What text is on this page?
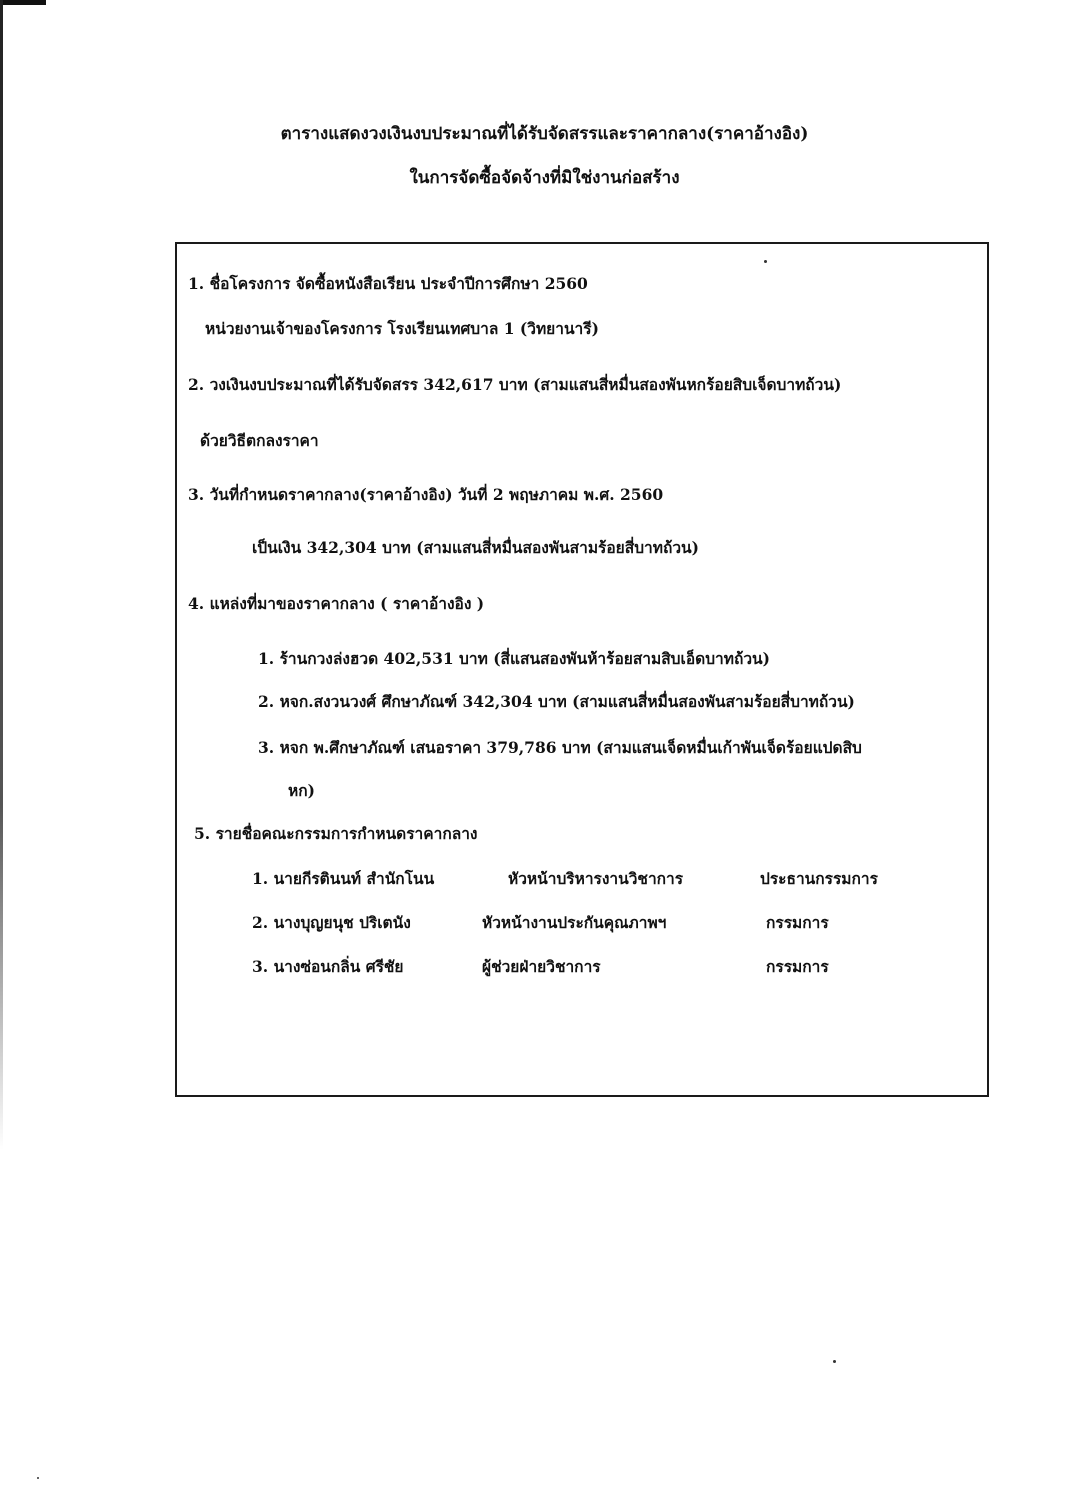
ตารางแสดงวงเงินงบประมาณที่ได้รับจัดสรรและราคากลาง(ราคาอ้างอิง)
ในการจัดซื้อจัดจ้างที่มิใช่งานก่อสร้าง
1. ชื่อโครงการ จัดซื้อหนังสือเรียน ประจำปีการศึกษา 2560
หน่วยงานเจ้าของโครงการ โรงเรียนเทศบาล 1 (วิทยานารี)
2. วงเงินงบประมาณที่ได้รับจัดสรร 342,617 บาท (สามแสนสี่หมื่นสองพันหกร้อยสิบเจ็ดบาทถ้วน)
ด้วยวิธีตกลงราคา
3. วันที่กำหนดราคากลาง(ราคาอ้างอิง) วันที่ 2 พฤษภาคม พ.ศ. 2560
เป็นเงิน 342,304 บาท (สามแสนสี่หมื่นสองพันสามร้อยสี่บาทถ้วน)
4. แหล่งที่มาของราคากลาง ( ราคาอ้างอิง )
1. ร้านกวงล่งฮวด 402,531 บาท (สี่แสนสองพันห้าร้อยสามสิบเอ็ดบาทถ้วน)
2. หจก.สงวนวงศ์ ศึกษาภัณฑ์ 342,304 บาท (สามแสนสี่หมื่นสองพันสามร้อยสี่บาทถ้วน)
3. หจก พ.ศึกษาภัณฑ์ เสนอราคา 379,786 บาท (สามแสนเจ็ดหมื่นเก้าพันเจ็ดร้อยแปดสิบ
หก)
5. รายชื่อคณะกรรมการกำหนดราคากลาง
1. นายกีรตินนท์ สำนักโนน	หัวหน้าบริหารงานวิชาการ	ประธานกรรมการ
2. นางบุญยนุช ปริเตนัง	หัวหน้างานประกันคุณภาพฯ	กรรมการ
3. นางซ่อนกลิ่น ศรีชัย	ผู้ช่วยฝ่ายวิชาการ	กรรมการ
